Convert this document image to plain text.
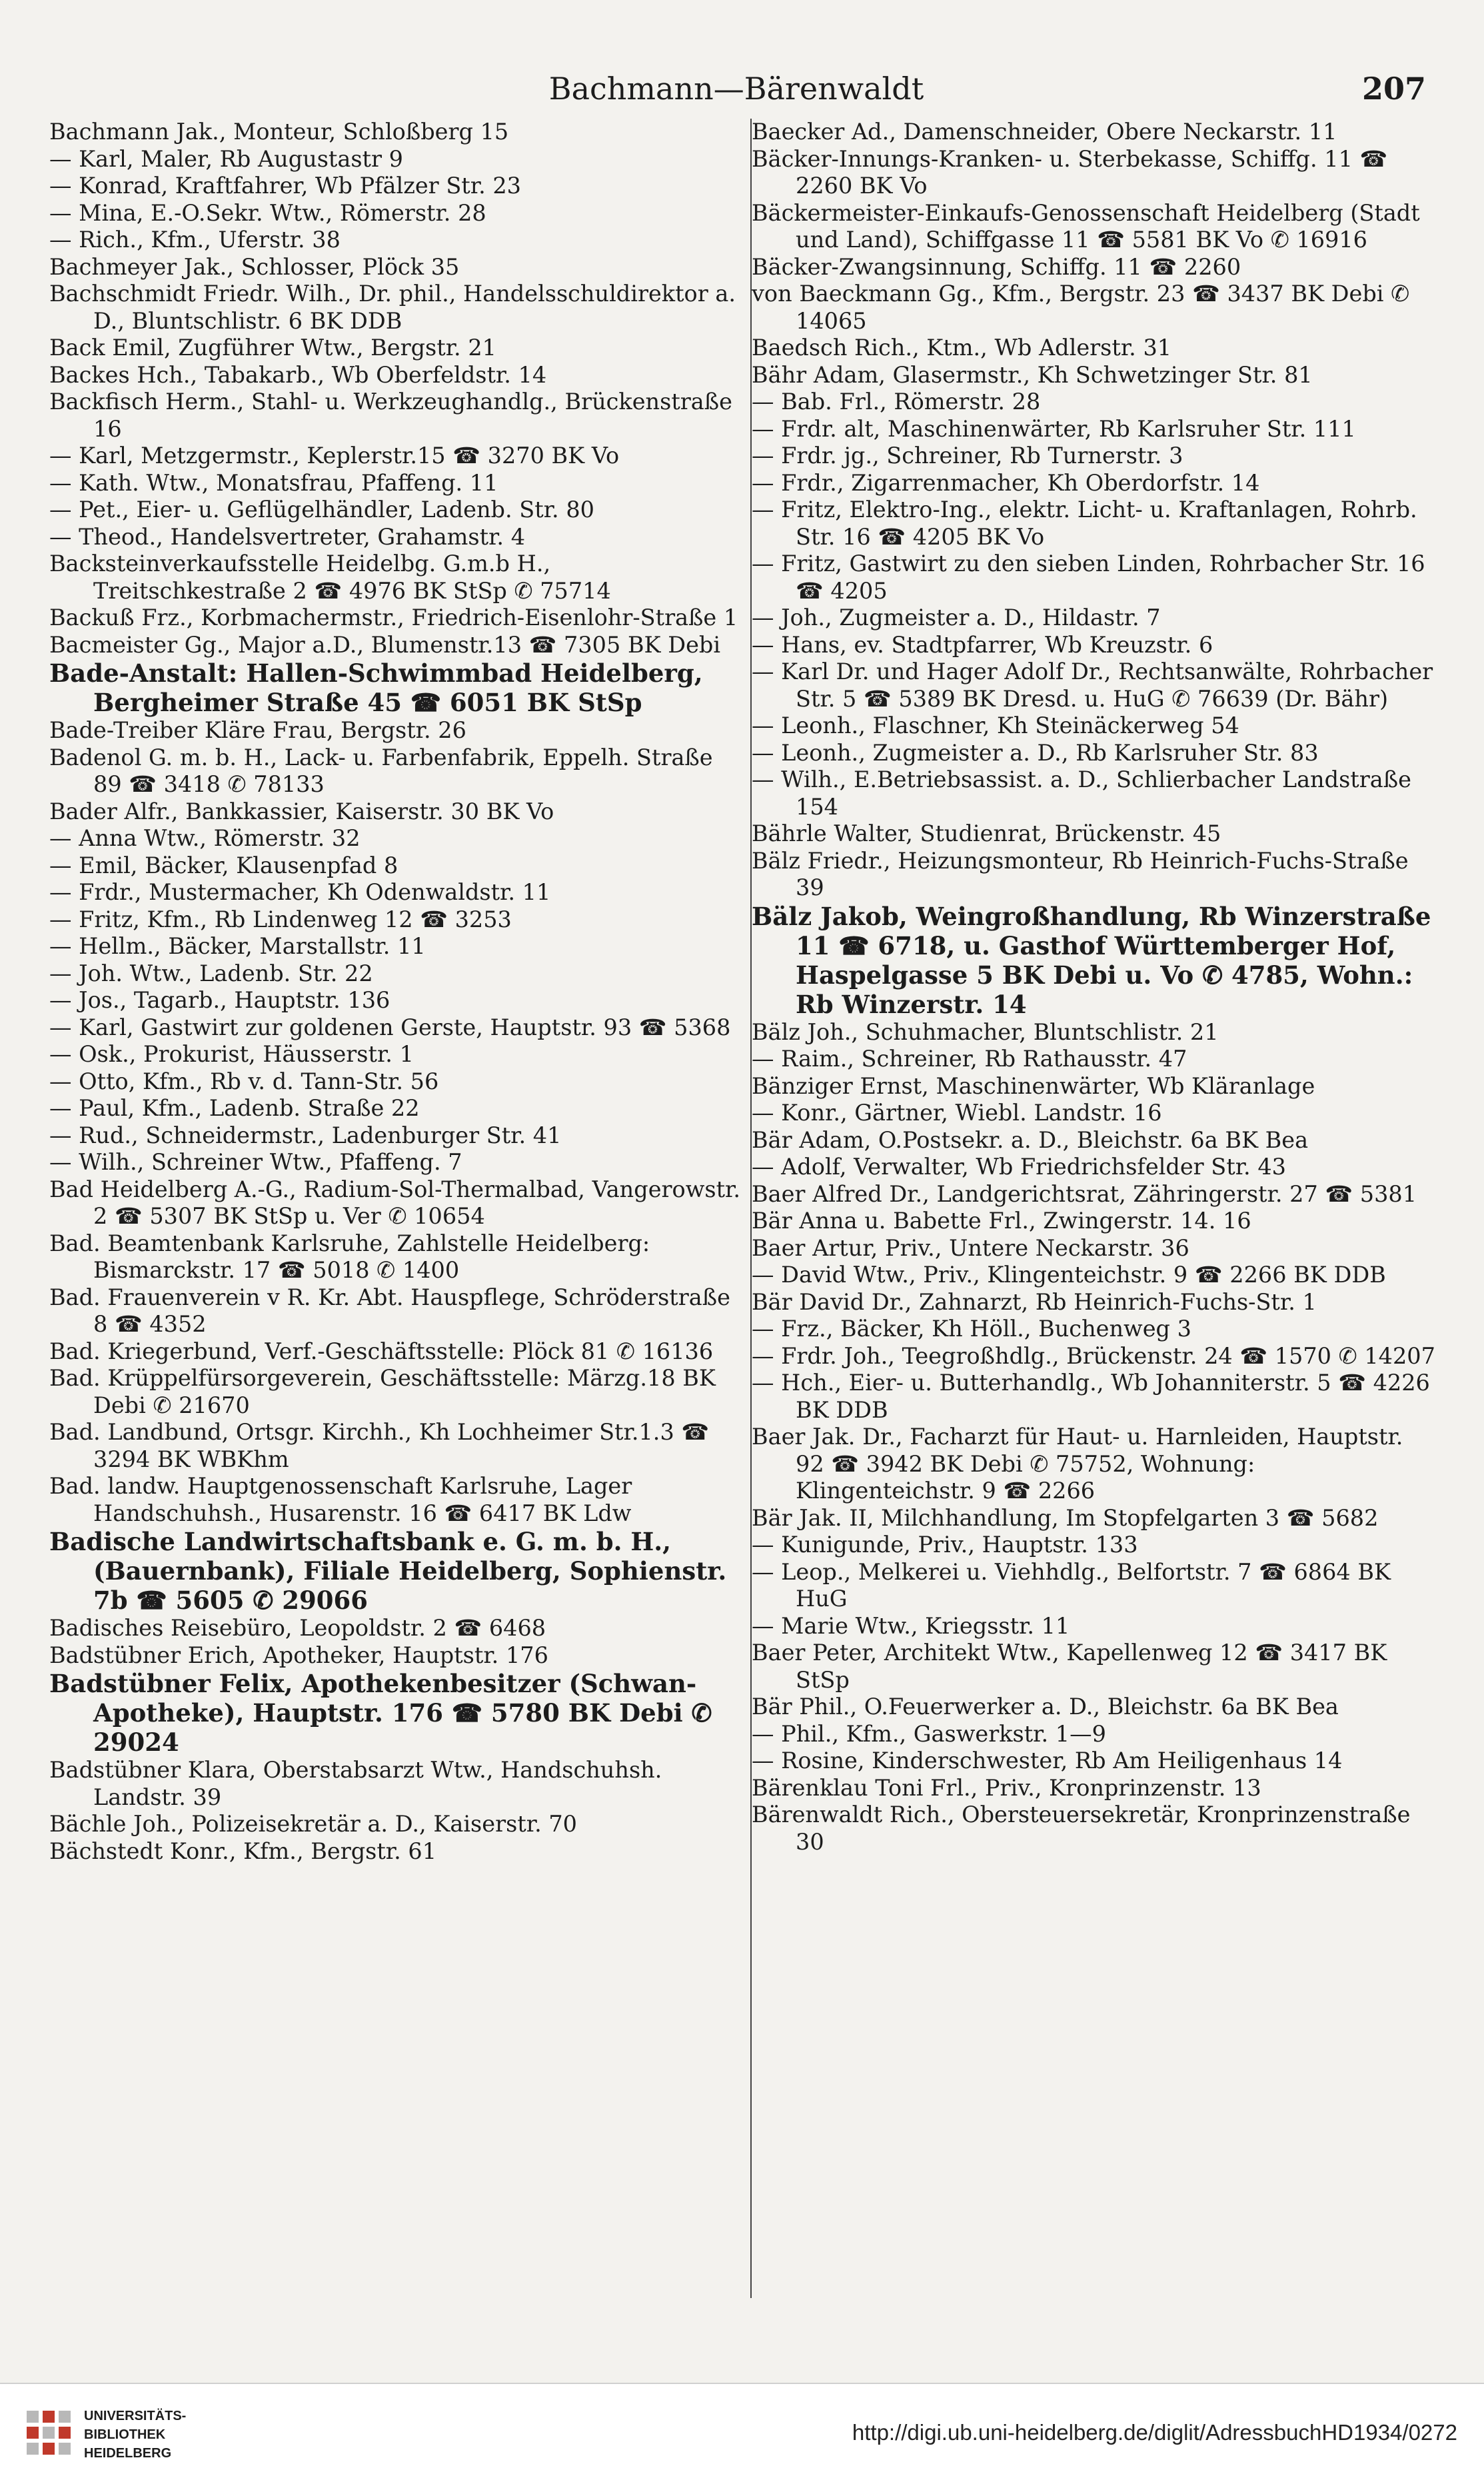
Bachmann—Bärenwaldt	207

Bachmann Jak., Monteur, Schloßberg 15

— Karl, Maler, Rb Augustastr 9

— Konrad, Kraftfahrer, Wb Pfälzer Str. 23

— Mina, E.-O.Sekr. Wtw., Römerstr. 28

— Rich., Kfm., Uferstr. 38

Bachmeyer Jak., Schlosser, Plöck 35

Bachschmidt Friedr. Wilh., Dr. phil., Handelsschuldirektor a. D., Bluntschlistr. 6 BK DDB

Back Emil, Zugführer Wtw., Bergstr. 21

Backes Hch., Tabakarb., Wb Oberfeldstr. 14

Backfisch Herm., Stahl- u. Werkzeughandlg., Brückenstraße 16

— Karl, Metzgermstr., Keplerstr.15 ☎ 3270 BK Vo

— Kath. Wtw., Monatsfrau, Pfaffeng. 11

— Pet., Eier- u. Geflügelhändler, Ladenb. Str. 80

— Theod., Handelsvertreter, Grahamstr. 4

Backsteinverkaufsstelle Heidelbg. G.m.b H., Treitschkestraße 2 ☎ 4976 BK StSp ✆ 75714

Backuß Frz., Korbmachermstr., Friedrich-Eisenlohr-Straße 1

Bacmeister Gg., Major a.D., Blumenstr.13 ☎ 7305 BK Debi

Bade-Anstalt: Hallen-Schwimmbad Heidelberg, Bergheimer Straße 45 ☎ 6051 BK StSp

Bade-Treiber Kläre Frau, Bergstr. 26

Badenol G. m. b. H., Lack- u. Farbenfabrik, Eppelh. Straße 89 ☎ 3418 ✆ 78133

Bader Alfr., Bankkassier, Kaiserstr. 30 BK Vo

— Anna Wtw., Römerstr. 32

— Emil, Bäcker, Klausenpfad 8

— Frdr., Mustermacher, Kh Odenwaldstr. 11

— Fritz, Kfm., Rb Lindenweg 12 ☎ 3253

— Hellm., Bäcker, Marstallstr. 11

— Joh. Wtw., Ladenb. Str. 22

— Jos., Tagarb., Hauptstr. 136

— Karl, Gastwirt zur goldenen Gerste, Hauptstr. 93 ☎ 5368

— Osk., Prokurist, Häusserstr. 1

— Otto, Kfm., Rb v. d. Tann-Str. 56

— Paul, Kfm., Ladenb. Straße 22

— Rud., Schneidermstr., Ladenburger Str. 41

— Wilh., Schreiner Wtw., Pfaffeng. 7

Bad Heidelberg A.-G., Radium-Sol-Thermalbad, Vangerowstr. 2 ☎ 5307 BK StSp u. Ver ✆ 10654

Bad. Beamtenbank Karlsruhe, Zahlstelle Heidelberg: Bismarckstr. 17 ☎ 5018 ✆ 1400

Bad. Frauenverein v R. Kr. Abt. Hauspflege, Schröderstraße 8 ☎ 4352

Bad. Kriegerbund, Verf.-Geschäftsstelle: Plöck 81 ✆ 16136

Bad. Krüppelfürsorgeverein, Geschäftsstelle: Märzg.18 BK Debi ✆ 21670

Bad. Landbund, Ortsgr. Kirchh., Kh Lochheimer Str.1.3 ☎ 3294 BK WBKhm

Bad. landw. Hauptgenossenschaft Karlsruhe, Lager Handschuhsh., Husarenstr. 16 ☎ 6417 BK Ldw

Badische Landwirtschaftsbank e. G. m. b. H., (Bauernbank), Filiale Heidelberg, Sophienstr. 7b ☎ 5605 ✆ 29066

Badisches Reisebüro, Leopoldstr. 2 ☎ 6468

Badstübner Erich, Apotheker, Hauptstr. 176

Badstübner Felix, Apothekenbesitzer (Schwan-Apotheke), Hauptstr. 176 ☎ 5780 BK Debi ✆ 29024

Badstübner Klara, Oberstabsarzt Wtw., Handschuhsh. Landstr. 39

Bächle Joh., Polizeisekretär a. D., Kaiserstr. 70

Bächstedt Konr., Kfm., Bergstr. 61

Baecker Ad., Damenschneider, Obere Neckarstr. 11

Bäcker-Innungs-Kranken- u. Sterbekasse, Schiffg. 11 ☎ 2260 BK Vo

Bäckermeister-Einkaufs-Genossenschaft Heidelberg (Stadt und Land), Schiffgasse 11 ☎ 5581 BK Vo ✆ 16916

Bäcker-Zwangsinnung, Schiffg. 11 ☎ 2260

von Baeckmann Gg., Kfm., Bergstr. 23 ☎ 3437 BK Debi ✆ 14065

Baedsch Rich., Ktm., Wb Adlerstr. 31

Bähr Adam, Glasermstr., Kh Schwetzinger Str. 81

— Bab. Frl., Römerstr. 28

— Frdr. alt, Maschinenwärter, Rb Karlsruher Str. 111

— Frdr. jg., Schreiner, Rb Turnerstr. 3

— Frdr., Zigarrenmacher, Kh Oberdorfstr. 14

— Fritz, Elektro-Ing., elektr. Licht- u. Kraftanlagen, Rohrb. Str. 16 ☎ 4205 BK Vo

— Fritz, Gastwirt zu den sieben Linden, Rohrbacher Str. 16 ☎ 4205

— Joh., Zugmeister a. D., Hildastr. 7

— Hans, ev. Stadtpfarrer, Wb Kreuzstr. 6

— Karl Dr. und Hager Adolf Dr., Rechtsanwälte, Rohrbacher Str. 5 ☎ 5389 BK Dresd. u. HuG ✆ 76639 (Dr. Bähr)

— Leonh., Flaschner, Kh Steinäckerweg 54

— Leonh., Zugmeister a. D., Rb Karlsruher Str. 83

— Wilh., E.Betriebsassist. a. D., Schlierbacher Landstraße 154

Bährle Walter, Studienrat, Brückenstr. 45

Bälz Friedr., Heizungsmonteur, Rb Heinrich-Fuchs-Straße 39

Bälz Jakob, Weingroßhandlung, Rb Winzerstraße 11 ☎ 6718, u. Gasthof Württemberger Hof, Haspelgasse 5 BK Debi u. Vo ✆ 4785, Wohn.: Rb Winzerstr. 14

Bälz Joh., Schuhmacher, Bluntschlistr. 21

— Raim., Schreiner, Rb Rathausstr. 47

Bänziger Ernst, Maschinenwärter, Wb Kläranlage

— Konr., Gärtner, Wiebl. Landstr. 16

Bär Adam, O.Postsekr. a. D., Bleichstr. 6a BK Bea

— Adolf, Verwalter, Wb Friedrichsfelder Str. 43

Baer Alfred Dr., Landgerichtsrat, Zähringerstr. 27 ☎ 5381

Bär Anna u. Babette Frl., Zwingerstr. 14. 16

Baer Artur, Priv., Untere Neckarstr. 36

— David Wtw., Priv., Klingenteichstr. 9 ☎ 2266 BK DDB

Bär David Dr., Zahnarzt, Rb Heinrich-Fuchs-Str. 1

— Frz., Bäcker, Kh Höll., Buchenweg 3

— Frdr. Joh., Teegroßhdlg., Brückenstr. 24 ☎ 1570 ✆ 14207

— Hch., Eier- u. Butterhandlg., Wb Johanniterstr. 5 ☎ 4226 BK DDB

Baer Jak. Dr., Facharzt für Haut- u. Harnleiden, Hauptstr. 92 ☎ 3942 BK Debi ✆ 75752, Wohnung: Klingenteichstr. 9 ☎ 2266

Bär Jak. II, Milchhandlung, Im Stopfelgarten 3 ☎ 5682

— Kunigunde, Priv., Hauptstr. 133

— Leop., Melkerei u. Viehhdlg., Belfortstr. 7 ☎ 6864 BK HuG

— Marie Wtw., Kriegsstr. 11

Baer Peter, Architekt Wtw., Kapellenweg 12 ☎ 3417 BK StSp

Bär Phil., O.Feuerwerker a. D., Bleichstr. 6a BK Bea

— Phil., Kfm., Gaswerkstr. 1—9

— Rosine, Kinderschwester, Rb Am Heiligenhaus 14

Bärenklau Toni Frl., Priv., Kronprinzenstr. 13

Bärenwaldt Rich., Obersteuersekretär, Kronprinzenstraße 30

UNIVERSITÄTS-
BIBLIOTHEK
HEIDELBERG
http://digi.ub.uni-heidelberg.de/diglit/AdressbuchHD1934/0272
